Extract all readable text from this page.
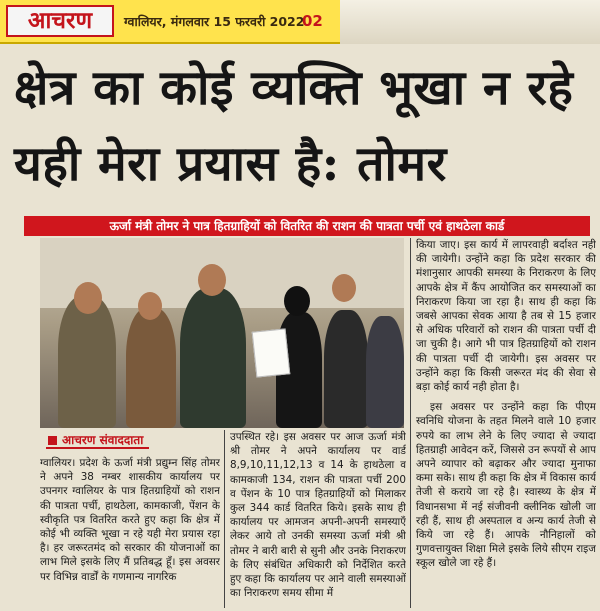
आचरण	ग्वालियर, मंगलवार 15 फरवरी 2022
02
क्षेत्र का कोई व्यक्ति भूखा न रहे यही मेरा प्रयास है: तोमर
ऊर्जा मंत्री तोमर ने पात्र हितग्राहियों को वितरित की राशन की पात्रता पर्ची एवं हाथठेला कार्ड
आचरण संवाददाता

ग्वालियर। प्रदेश के ऊर्जा मंत्री प्रद्युम्न सिंह तोमर ने अपने 38 नम्बर शासकीय कार्यालय पर उपनगर ग्वालियर के पात्र हितग्राहियों को राशन की पात्रता पर्ची, हाथठेला, कामकाजी, पेंशन के स्वीकृति पत्र वितरित करते हुए कहा कि क्षेत्र में कोई भी व्यक्ति भूखा न रहे यही मेरा प्रयास रहा है। हर जरूरतमंद को सरकार की योजनाओं का लाभ मिले इसके लिए मैं प्रतिबद्ध हूँ। इस अवसर पर विभिन्न वार्डों के गणमान्य नागरिक

उपस्थित रहे। इस अवसर पर आज ऊर्जा मंत्री श्री तोमर ने अपने कार्यालय पर वार्ड 8,9,10,11,12,13 व 14 के हाथठेला व कामकाजी 134, राशन की पात्रता पर्ची 200 व पेंशन के 10 पात्र हितग्राहियों को मिलाकर कुल 344 कार्ड वितरित किये। इसके साथ ही कार्यालय पर आमजन अपनी-अपनी समस्याएँ लेकर आये तो उनकी समस्या ऊर्जा मंत्री श्री तोमर ने बारी बारी से सुनी और उनके निराकरण के लिए संबंधित अधिकारी को निर्देशित करते हुए कहा कि कार्यालय पर आने वाली समस्याओं का निराकरण समय सीमा में

किया जाए। इस कार्य में लापरवाही बर्दाश्त नही की जायेगी। उन्होंने कहा कि प्रदेश सरकार की मंशानुसार आपकी समस्या के निराकरण के लिए आपके क्षेत्र में कैंप आयोजित कर समस्याओं का निराकरण किया जा रहा है। साथ ही कहा कि जबसे आपका सेवक आया है तब से 15 हजार से अधिक परिवारों को राशन की पात्रता पर्ची दी जा चुकी है। आगे भी पात्र हितग्राहियों को राशन की पात्रता पर्ची दी जायेगी। इस अवसर पर उन्होंने कहा कि किसी जरूरत मंद की सेवा से बड़ा कोई कार्य नही होता है।

इस अवसर पर उन्होंने कहा कि पीएम स्वनिधि योजना के तहत मिलने वाले 10 हजार रुपये का लाभ लेने के लिए ज्यादा से ज्यादा हितग्राही आवेदन करें, जिससे उन रूपयों से आप अपने व्यापार को बढ़ाकर और ज्यादा मुनाफा कमा सके। साथ ही कहा कि क्षेत्र में विकास कार्य तेजी से कराये जा रहे है। स्वास्थ्य के क्षेत्र में विधानसभा में नई संजीवनी क्लीनिक खोली जा रही हैं, साथ ही अस्पताल व अन्य कार्य तेजी से किये जा रहे हैं। आपके नौनिहालों को गुणवत्तायुक्त शिक्षा मिले इसके लिये सीएम राइज स्कूल खोले जा रहे हैं।
